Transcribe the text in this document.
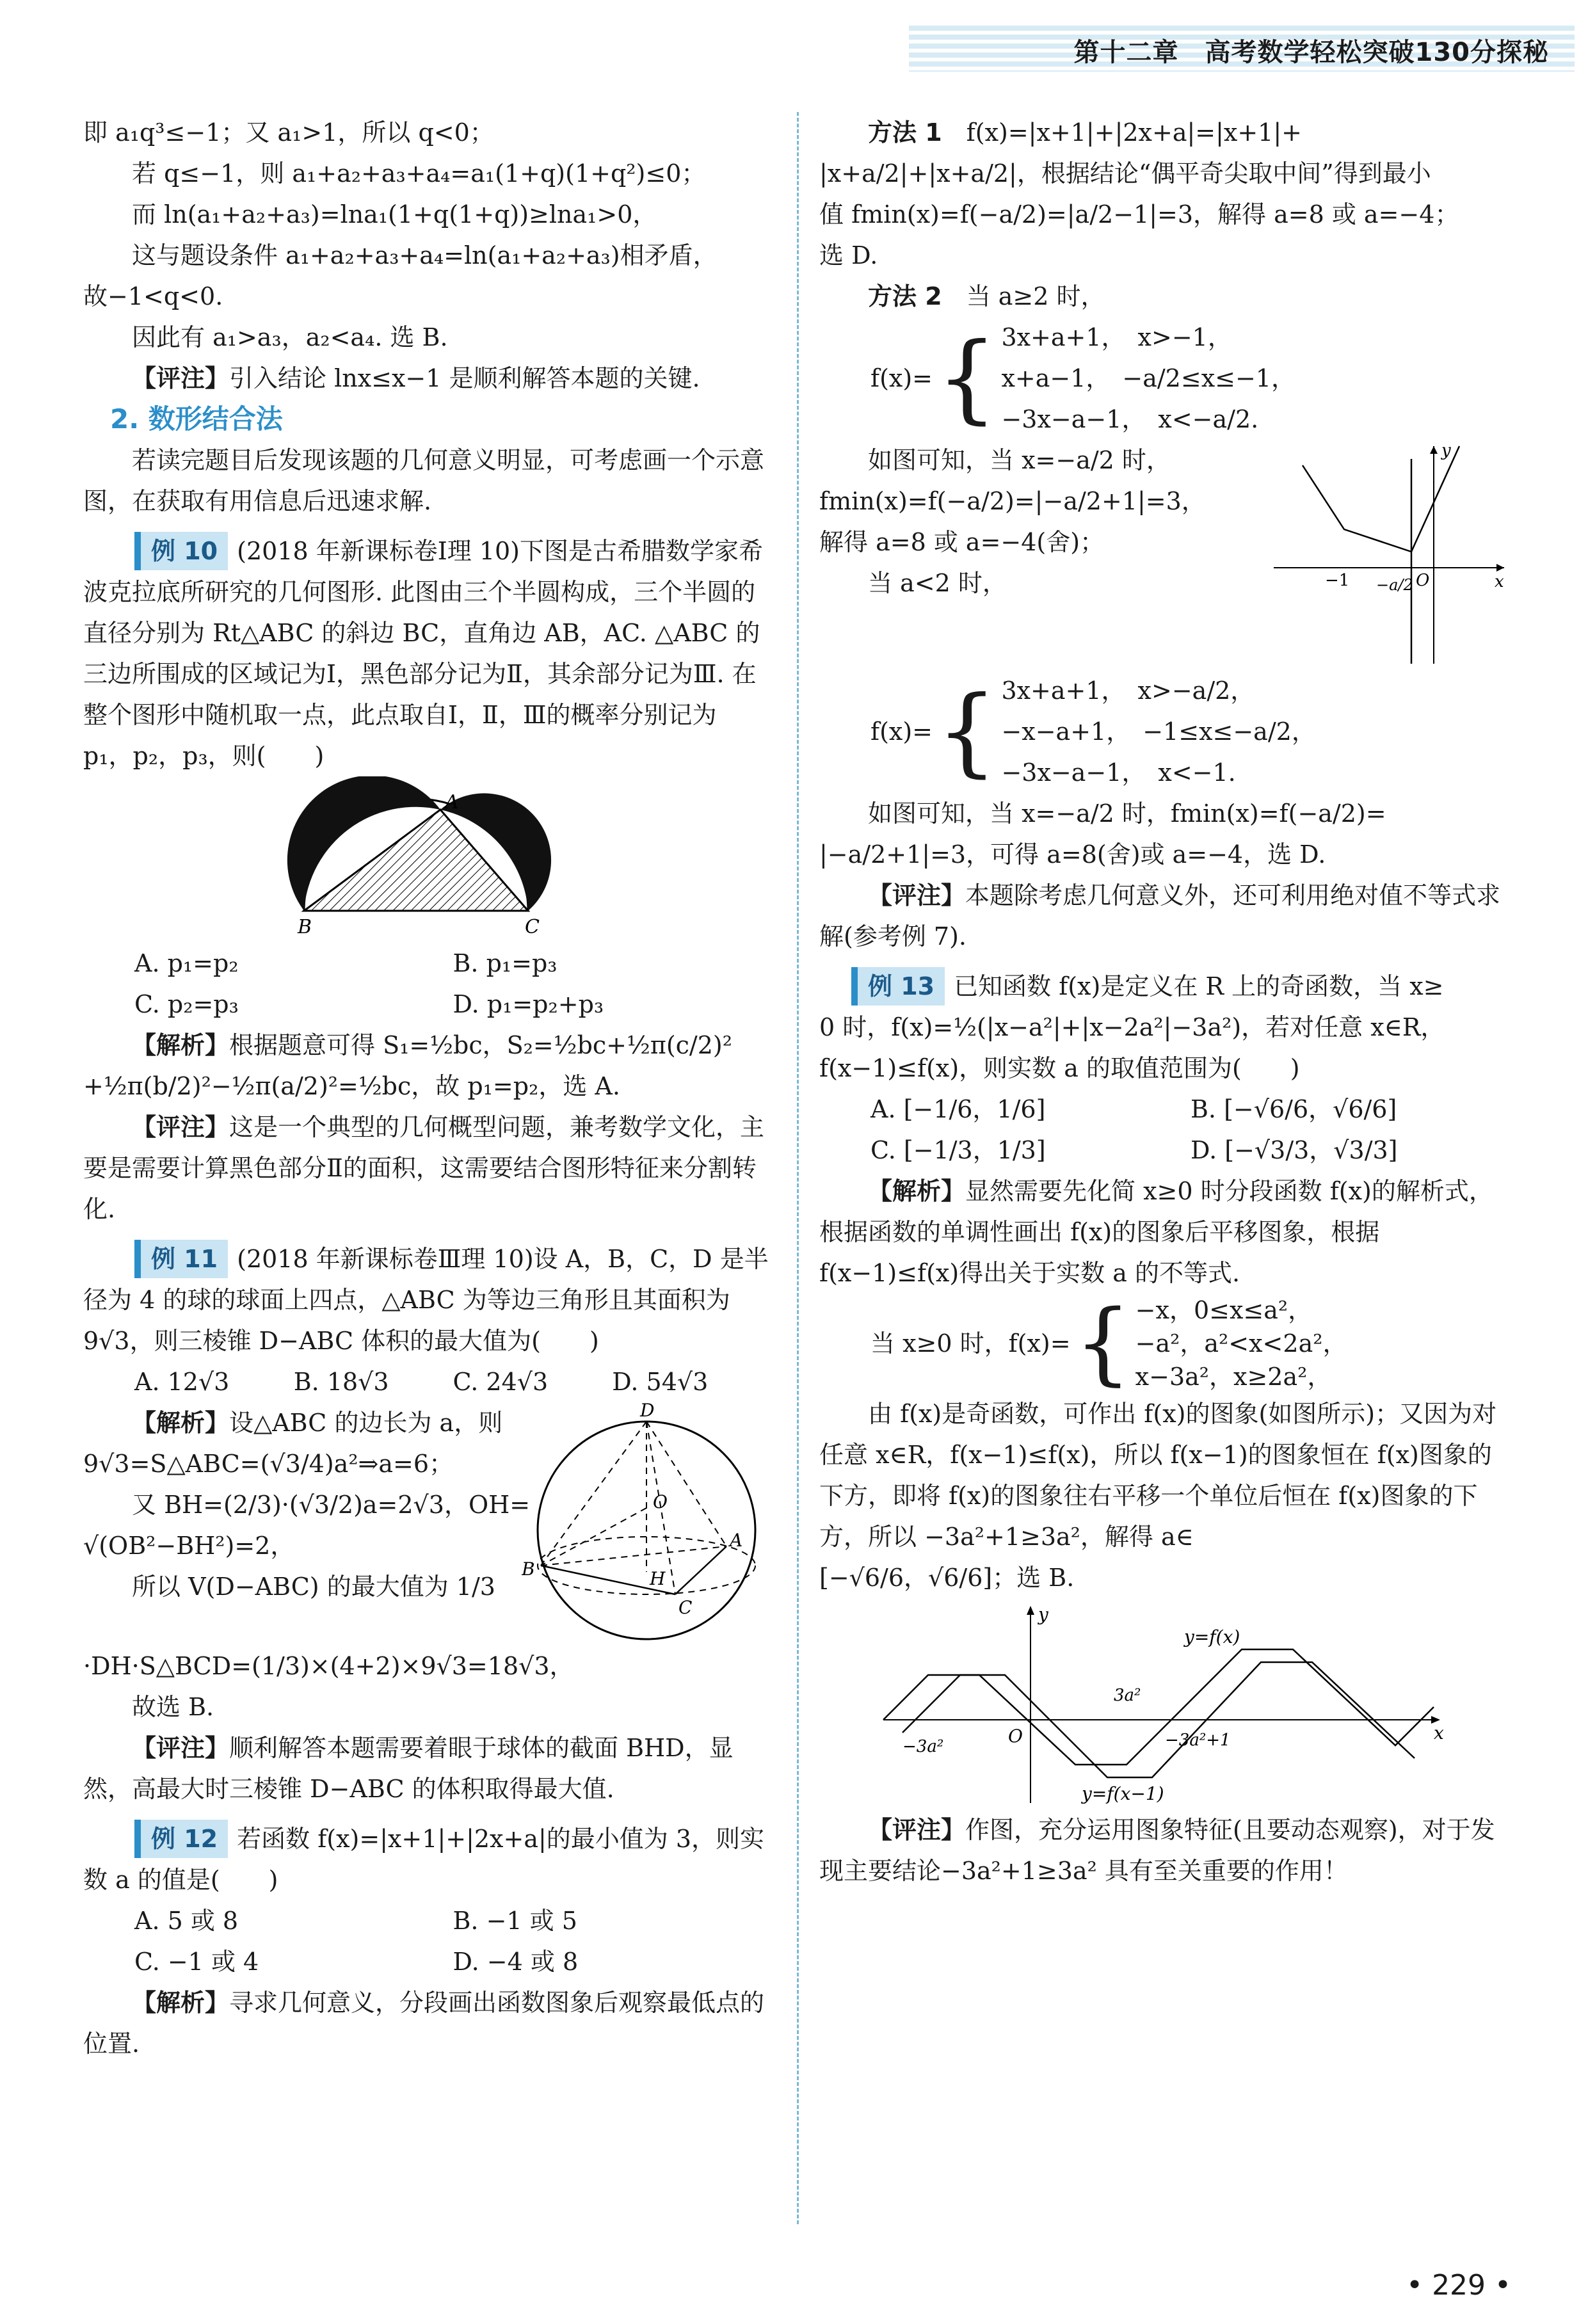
第十二章　高考数学轻松突破130分探秘

即 a₁q³≤−1；又 a₁>1，所以 q<0；

若 q≤−1，则 a₁+a₂+a₃+a₄=a₁(1+q)(1+q²)≤0；

而 ln(a₁+a₂+a₃)=lna₁(1+q(1+q))≥lna₁>0，

这与题设条件 a₁+a₂+a₃+a₄=ln(a₁+a₂+a₃)相矛盾，

故−1<q<0.

因此有 a₁>a₃，a₂<a₄. 选 B.

【评注】引入结论 lnx≤x−1 是顺利解答本题的关键.

2. 数形结合法

若读完题目后发现该题的几何意义明显，可考虑画一个示意图，在获取有用信息后迅速求解.

例 10 (2018 年新课标卷Ⅰ理 10)下图是古希腊数学家希波克拉底所研究的几何图形. 此图由三个半圆构成，三个半圆的直径分别为 Rt△ABC 的斜边 BC，直角边 AB，AC. △ABC 的三边所围成的区域记为Ⅰ，黑色部分记为Ⅱ，其余部分记为Ⅲ. 在整个图形中随机取一点，此点取自Ⅰ，Ⅱ，Ⅲ的概率分别记为 p₁，p₂，p₃，则(　　)

A
B	C
A. p₁=p₂	B. p₁=p₃
C. p₂=p₃	D. p₁=p₂+p₃

【解析】根据题意可得 S₁=½bc，S₂=½bc+½π(c/2)²

+½π(b/2)²−½π(a/2)²=½bc，故 p₁=p₂，选 A.

【评注】这是一个典型的几何概型问题，兼考数学文化，主要是需要计算黑色部分Ⅱ的面积，这需要结合图形特征来分割转化.

例 11 (2018 年新课标卷Ⅲ理 10)设 A，B，C，D 是半径为 4 的球的球面上四点，△ABC 为等边三角形且其面积为 9√3，则三棱锥 D−ABC 体积的最大值为(　　)

A. 12√3	B. 18√3	C. 24√3	D. 54√3

【解析】设△ABC 的边长为 a，则

9√3=S△ABC=(√3/4)a²⇒a=6；

又 BH=(2/3)·(√3/2)a=2√3，OH=

√(OB²−BH²)=2，

所以 V(D−ABC) 的最大值为 1/3

D
O
A
B	H
C

·DH·S△BCD=(1/3)×(4+2)×9√3=18√3，

故选 B.

【评注】顺利解答本题需要着眼于球体的截面 BHD，显然，高最大时三棱锥 D−ABC 的体积取得最大值.

例 12 若函数 f(x)=|x+1|+|2x+a|的最小值为 3，则实数 a 的值是(　　)

A. 5 或 8	B. −1 或 5
C. −1 或 4	D. −4 或 8

【解析】寻求几何意义，分段画出函数图象后观察最低点的位置.

方法 1　 f(x)=|x+1|+|2x+a|=|x+1|+

|x+a/2|+|x+a/2|，根据结论“偶平奇尖取中间”得到最小

值 fmin(x)=f(−a/2)=|a/2−1|=3，解得 a=8 或 a=−4；

选 D.

方法 2　 当 a≥2 时，

f(x)= { 3x+a+1，　x>−1，

x+a−1，　−a/2≤x≤−1，

−3x−a−1，　x<−a/2.

如图可知，当 x=−a/2 时，

fmin(x)=f(−a/2)=|−a/2+1|=3，

解得 a=8 或 a=−4(舍)；

当 a<2 时，

y
x
−1 −a/2 O
f(x)= { 3x+a+1，　x>−a/2，

−x−a+1，　−1≤x≤−a/2，

−3x−a−1，　x<−1.

如图可知，当 x=−a/2 时，fmin(x)=f(−a/2)=

|−a/2+1|=3，可得 a=8(舍)或 a=−4，选 D.

【评注】本题除考虑几何意义外，还可利用绝对值不等式求解(参考例 7).

例 13 已知函数 f(x)是定义在 R 上的奇函数，当 x≥

0 时，f(x)=½(|x−a²|+|x−2a²|−3a²)，若对任意 x∈R，

f(x−1)≤f(x)，则实数 a 的取值范围为(　　)

A. [−1/6，1/6]	B. [−√6/6，√6/6]
C. [−1/3，1/3]	D. [−√3/3，√3/3]

【解析】显然需要先化简 x≥0 时分段函数 f(x)的解析式，根据函数的单调性画出 f(x)的图象后平移图象，根据 f(x−1)≤f(x)得出关于实数 a 的不等式.

当 x≥0 时，f(x)= { −x，0≤x≤a²，

−a²，a²<x<2a²，

x−3a²，x≥2a²，

由 f(x)是奇函数，可作出 f(x)的图象(如图所示)；又因为对任意 x∈R，f(x−1)≤f(x)，所以 f(x−1)的图象恒在 f(x)图象的下方，即将 f(x)的图象往右平移一个单位后恒在 f(x)图象的下方，所以 −3a²+1≥3a²，解得 a∈

[−√6/6，√6/6]；选 B.

y
x
y=f(x)
y=f(x−1)
3a²
−3a²	O	−3a²+1

【评注】作图，充分运用图象特征(且要动态观察)，对于发现主要结论−3a²+1≥3a² 具有至关重要的作用！

• 229 •
